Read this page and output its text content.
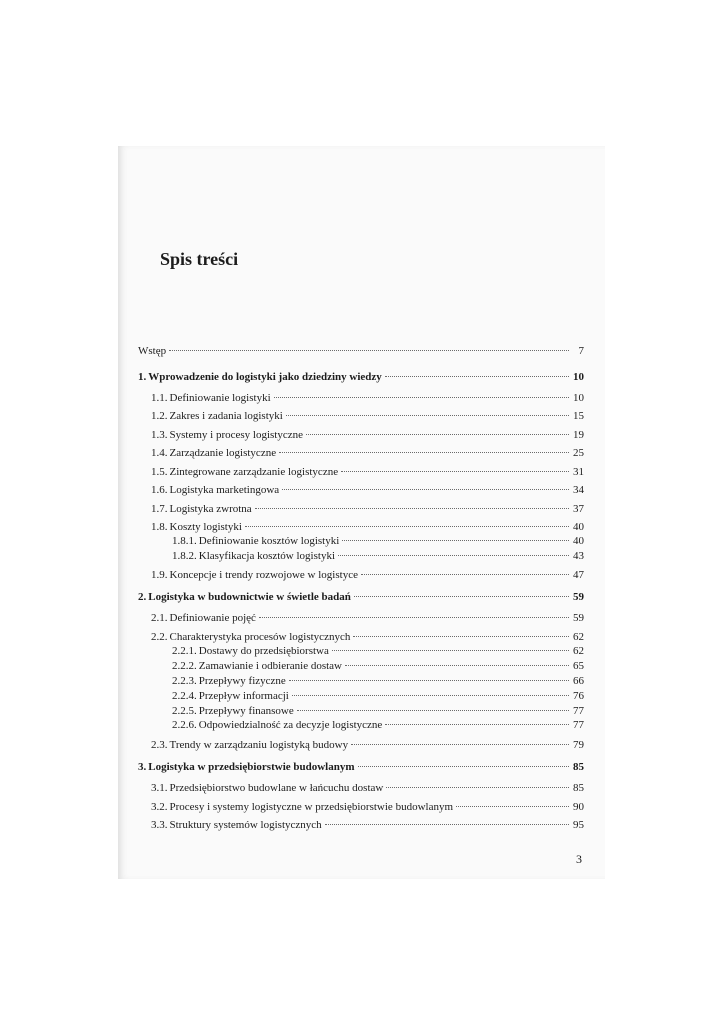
Spis treści
Wstęp	7
1. Wprowadzenie do logistyki jako dziedziny wiedzy	10
1.1. Definiowanie logistyki	10
1.2. Zakres i zadania logistyki	15
1.3. Systemy i procesy logistyczne	19
1.4. Zarządzanie logistyczne	25
1.5. Zintegrowane zarządzanie logistyczne	31
1.6. Logistyka marketingowa	34
1.7. Logistyka zwrotna	37
1.8. Koszty logistyki	40
1.8.1. Definiowanie kosztów logistyki	40
1.8.2. Klasyfikacja kosztów logistyki	43
1.9. Koncepcje i trendy rozwojowe w logistyce	47
2. Logistyka w budownictwie w świetle badań	59
2.1. Definiowanie pojęć	59
2.2. Charakterystyka procesów logistycznych	62
2.2.1. Dostawy do przedsiębiorstwa	62
2.2.2. Zamawianie i odbieranie dostaw	65
2.2.3. Przepływy fizyczne	66
2.2.4. Przepływ informacji	76
2.2.5. Przepływy finansowe	77
2.2.6. Odpowiedzialność za decyzje logistyczne	77
2.3. Trendy w zarządzaniu logistyką budowy	79
3. Logistyka w przedsiębiorstwie budowlanym	85
3.1. Przedsiębiorstwo budowlane w łańcuchu dostaw	85
3.2. Procesy i systemy logistyczne w przedsiębiorstwie budowlanym	90
3.3. Struktury systemów logistycznych	95
3
